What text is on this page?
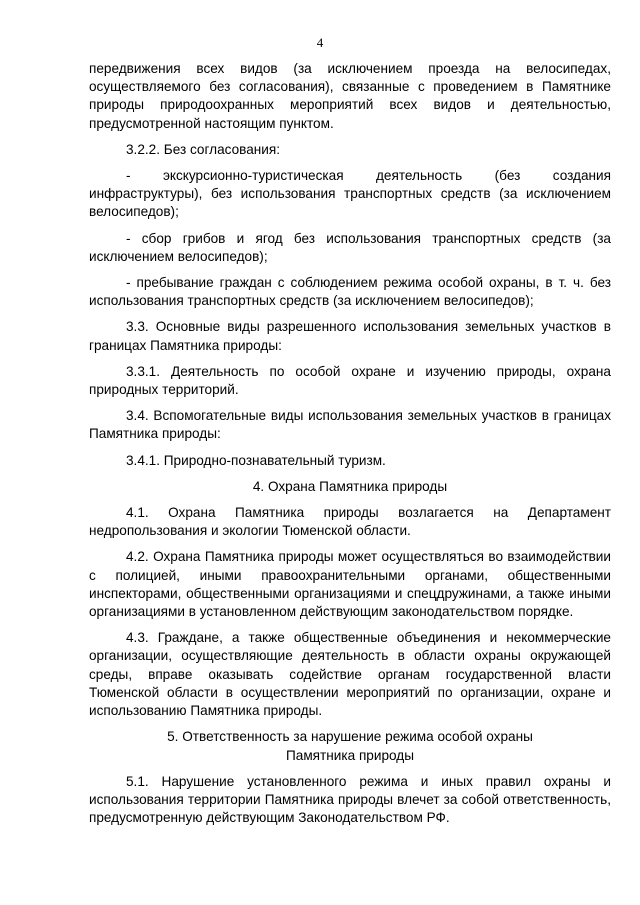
4

передвижения всех видов (за исключением проезда на велосипедах, осуществляемого без согласования), связанные с проведением в Памятнике природы природоохранных мероприятий всех видов и деятельностью, предусмотренной настоящим пунктом.

3.2.2. Без согласования:

- экскурсионно-туристическая деятельность (без создания инфраструктуры), без использования транспортных средств (за исключением велосипедов);

- сбор грибов и ягод без использования транспортных средств (за исключением велосипедов);

- пребывание граждан с соблюдением режима особой охраны, в т. ч. без использования транспортных средств (за исключением велосипедов);

3.3. Основные виды разрешенного использования земельных участков в границах Памятника природы:

3.3.1. Деятельность по особой охране и изучению природы, охрана природных территорий.

3.4. Вспомогательные виды использования земельных участков в границах Памятника природы:

3.4.1. Природно-познавательный туризм.

4. Охрана Памятника природы

4.1. Охрана Памятника природы возлагается на Департамент недропользования и экологии Тюменской области.

4.2. Охрана Памятника природы может осуществляться во взаимодействии с полицией, иными правоохранительными органами, общественными инспекторами, общественными организациями и спецдружинами, а также иными организациями в установленном действующим законодательством порядке.

4.3. Граждане, а также общественные объединения и некоммерческие организации, осуществляющие деятельность в области охраны окружающей среды, вправе оказывать содействие органам государственной власти Тюменской области в осуществлении мероприятий по организации, охране и использованию Памятника природы.

5. Ответственность за нарушение режима особой охраны

Памятника природы

5.1. Нарушение установленного режима и иных правил охраны и использования территории Памятника природы влечет за собой ответственность, предусмотренную действующим Законодательством РФ.
